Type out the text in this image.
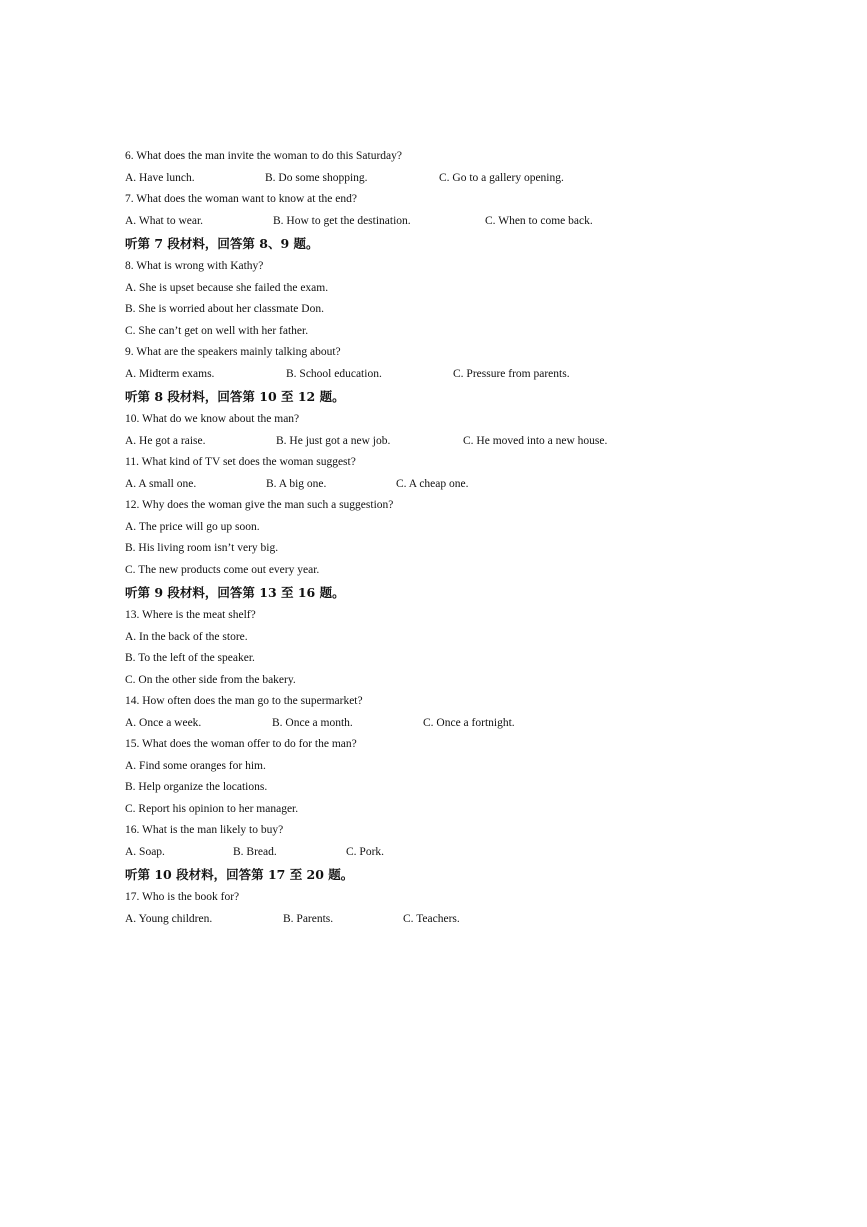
6. What does the man invite the woman to do this Saturday?
A. Have lunch.	B. Do some shopping.	C. Go to a gallery opening.
7. What does the woman want to know at the end?
A. What to wear.	B. How to get the destination.	C. When to come back.
听第 7 段材料，回答第 8、9 题。
8. What is wrong with Kathy?
A. She is upset because she failed the exam.
B. She is worried about her classmate Don.
C. She can’t get on well with her father.
9. What are the speakers mainly talking about?
A. Midterm exams.	B. School education.	C. Pressure from parents.
听第 8 段材料，回答第 10 至 12 题。
10. What do we know about the man?
A. He got a raise.	B. He just got a new job.	C. He moved into a new house.
11. What kind of TV set does the woman suggest?
A. A small one.	B. A big one.	C. A cheap one.
12. Why does the woman give the man such a suggestion?
A. The price will go up soon.
B. His living room isn’t very big.
C. The new products come out every year.
听第 9 段材料，回答第 13 至 16 题。
13. Where is the meat shelf?
A. In the back of the store.
B. To the left of the speaker.
C. On the other side from the bakery.
14. How often does the man go to the supermarket?
A. Once a week.	B. Once a month.	C. Once a fortnight.
15. What does the woman offer to do for the man?
A. Find some oranges for him.
B. Help organize the locations.
C. Report his opinion to her manager.
16. What is the man likely to buy?
A. Soap.	B. Bread.	C. Pork.
听第 10 段材料，回答第 17 至 20 题。
17. Who is the book for?
A. Young children.	B. Parents.	C. Teachers.
